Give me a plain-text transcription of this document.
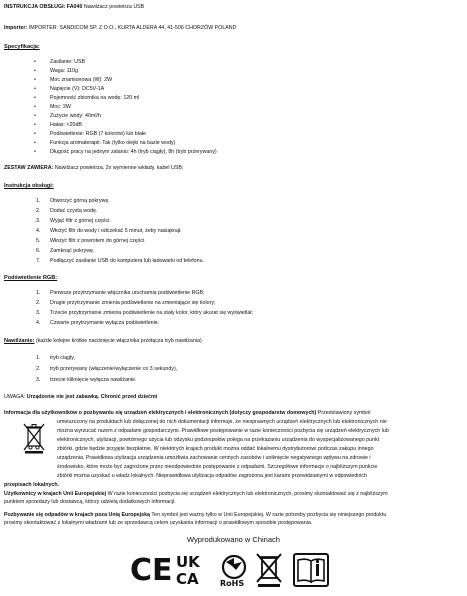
INSTRUKCJA OBSŁUGI: FA040 Nawilżacz powietrza USB
Importer: IMPORTER: SANDICOM SP. Z O.O., KURTA ALDERA 44, 41-506 CHORZÓW POLAND
Specyfikacja:
• Zasilanie: USB
• Waga: 110g
• Moc znamionowa (W): 2W
• Napięcie (V): DC5V-1A
• Pojemność zbiornika na wodę: 120 ml
• Moc: 2W
• Zużycie wody: 40ml/h
• Hałas: <20dB
• Podświetlenie: RGB (7 kolorów) lub białe
• Funkcja aromaterapii: Tak (tylko olejki na bazie wody)
• Długość pracy na jednym zalaniu: 4h (tryb ciągły), 8h (tryb przerywany)
ZESTAW ZAWIERA: Nawilżacz powietrza, 2x wymienne wkłady, kabel USB;
Instrukcja obsługi:
1. Otworzyć górną pokrywę.
2. Dodać czystą wodę.
3. Wyjąć filtr z górnej części.
4. Włożyć filtr do wody i odczekać 5 minut, żeby nasiąknął.
5. Włożyć filtr z powrotem do górnej części.
6. Zamknąć pokrywę.
7. Podłączyć zasilanie USB do komputera lub ładowarki od telefonu.
Podświetlenie RGB:
1. Pierwsze przytrzymanie włącznika uruchamia podświetlenie RGB;
2. Drugie przytrzymanie zmienia podświetlenie na zmieniające się kolory;
3. Trzecie przytrzymanie zmienia podświetlenie na stały kolor, który akurat się wyświetlał;
4. Czwarte przytrzymanie wyłącza podświetlenie.
Nawilżanie: (każde kolejne krótkie naciśnięcie włącznika przełącza tryb nawilżania)
1. tryb ciągły,
2. tryb przerywany (włączenie/wyłączenie co 3 sekundy),
3. trzecie kliknięcie wyłącza nawilżanie.
UWAGA: Urządzenie nie jest zabawką. Chronić przed dziećmi
Informacja dla użytkowników o pozbywaniu się urządzeń elektrycznych i elektronicznych (dotyczy gospodarstw domowych) Przedstawiony symbol
umieszczony na produktach lub dołączonej do nich dokumentacji informuje, że niesprawnych urządzeń elektrycznych lub elektronicznych nie
można wyrzucać razem z odpadami gospodarczymi. Prawidłowe postępowanie w razie konieczności pozbycia się urządzeń elektrycznych lub
elektronicznych, utylizacji, powtórnego użycia lub odzysku podzespołów polega na przekazaniu urządzenia do wyspecjalizowanego punkt
zbiórki, gdzie będzie przyjęte bezpłatnie. W niektórych krajach produkt można oddać lokalnemu dystrybutorowi podczas zakupu innego
urządzenia. Prawidłowa utylizacja urządzenia umożliwia zachowanie cennych zasobów i uniknięcie negatywnego wpływu na zdrowie i
środowisko, które może być zagrożone przez nieodpowiednie postępowanie z odpadami. Szczegółowe informacje o najbliższym punkcie
zbiórki można uzyskać u władz lokalnych. Nieprawidłowa utylizacja odpadów zagrożona jest karami przewidzianymi w odpowiednich
przepisach lokalnych.
Użytkownicy w krajach Unii Europejskiej W razie konieczności pozbycia się urządzeń elektrycznych lub elektronicznych, prosimy skontaktować się z najbliższym
punktem sprzedaży lub dostawcą, którzy udzielą dodatkowych informacji.
Pozbywanie się odpadów w krajach poza Unią Europejską Ten symbol jest ważny tylko w Unii Europejskiej. W razie potrzeby pozbycia się niniejszego produktu
prosimy skontaktować z lokalnymi władzami lub ze sprzedawcą celem uzyskania informacji o prawidłowym sposobie postępowania.
Wyprodukowano w Chinach
CE UK
CA	RoHS
